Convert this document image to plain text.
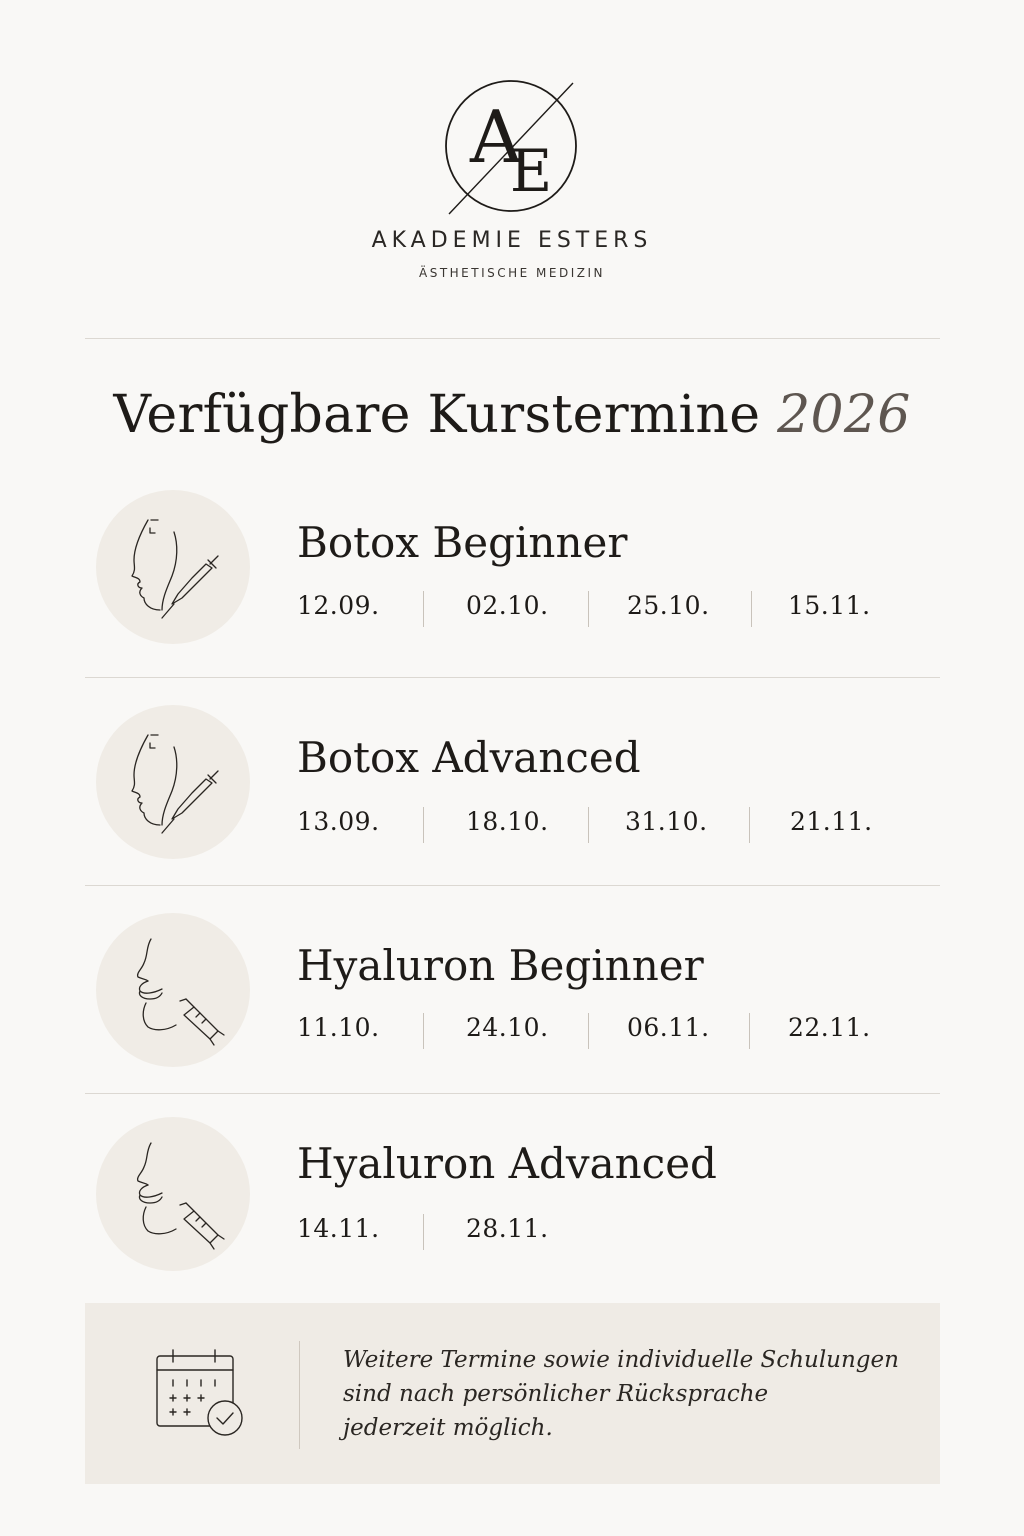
A
E
AKADEMIE ESTERS
ÄSTHETISCHE MEDIZIN
Verfügbare Kurstermine 2026
Botox Beginner
12.09.	02.10.	25.10.	15.11.
Botox Advanced
13.09.	18.10.	31.10.	21.11.
Hyaluron Beginner
11.10.	24.10.	06.11.	22.11.
Hyaluron Advanced
14.11.	28.11.
Weitere Termine sowie individuelle Schulungen
sind nach persönlicher Rücksprache
jederzeit möglich.
